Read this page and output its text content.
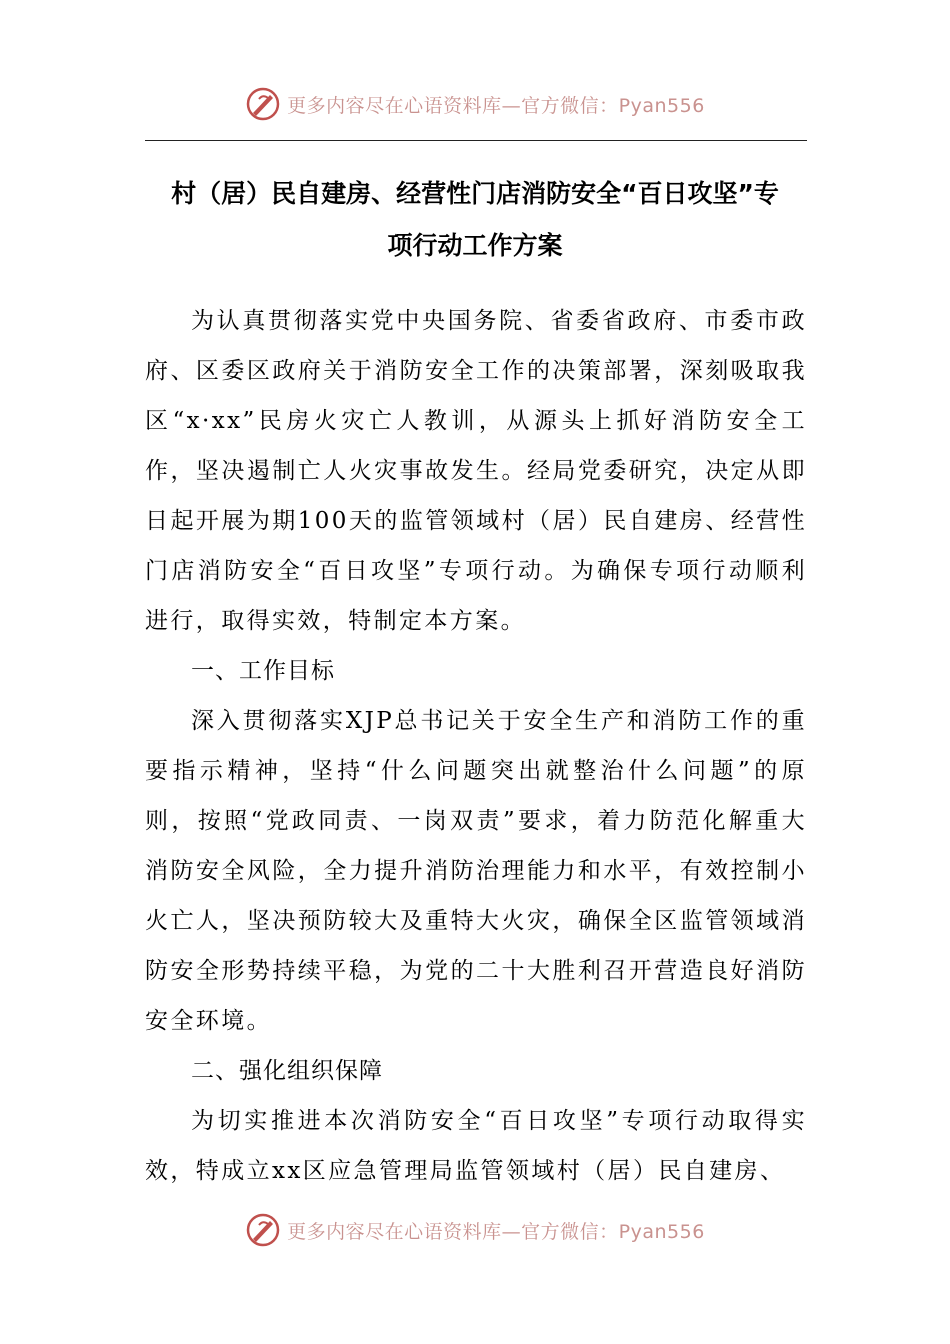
更多内容尽在心语资料库—官方微信：Pyan556
村（居）民自建房、经营性门店消防安全“百日攻坚”专
项行动工作方案

为认真贯彻落实党中央国务院、省委省政府、市委市政府、区委区政府关于消防安全工作的决策部署，深刻吸取我区“x·xx”民房火灾亡人教训，从源头上抓好消防安全工作，坚决遏制亡人火灾事故发生。经局党委研究，决定从即日起开展为期100天的监管领域村（居）民自建房、经营性门店消防安全“百日攻坚”专项行动。为确保专项行动顺利进行，取得实效，特制定本方案。

一、工作目标

深入贯彻落实XJP总书记关于安全生产和消防工作的重要指示精神，坚持“什么问题突出就整治什么问题”的原则，按照“党政同责、一岗双责”要求，着力防范化解重大消防安全风险，全力提升消防治理能力和水平，有效控制小火亡人，坚决预防较大及重特大火灾，确保全区监管领域消防安全形势持续平稳，为党的二十大胜利召开营造良好消防安全环境。

二、强化组织保障

为切实推进本次消防安全“百日攻坚”专项行动取得实效，特成立xx区应急管理局监管领域村（居）民自建房、

更多内容尽在心语资料库—官方微信：Pyan556
